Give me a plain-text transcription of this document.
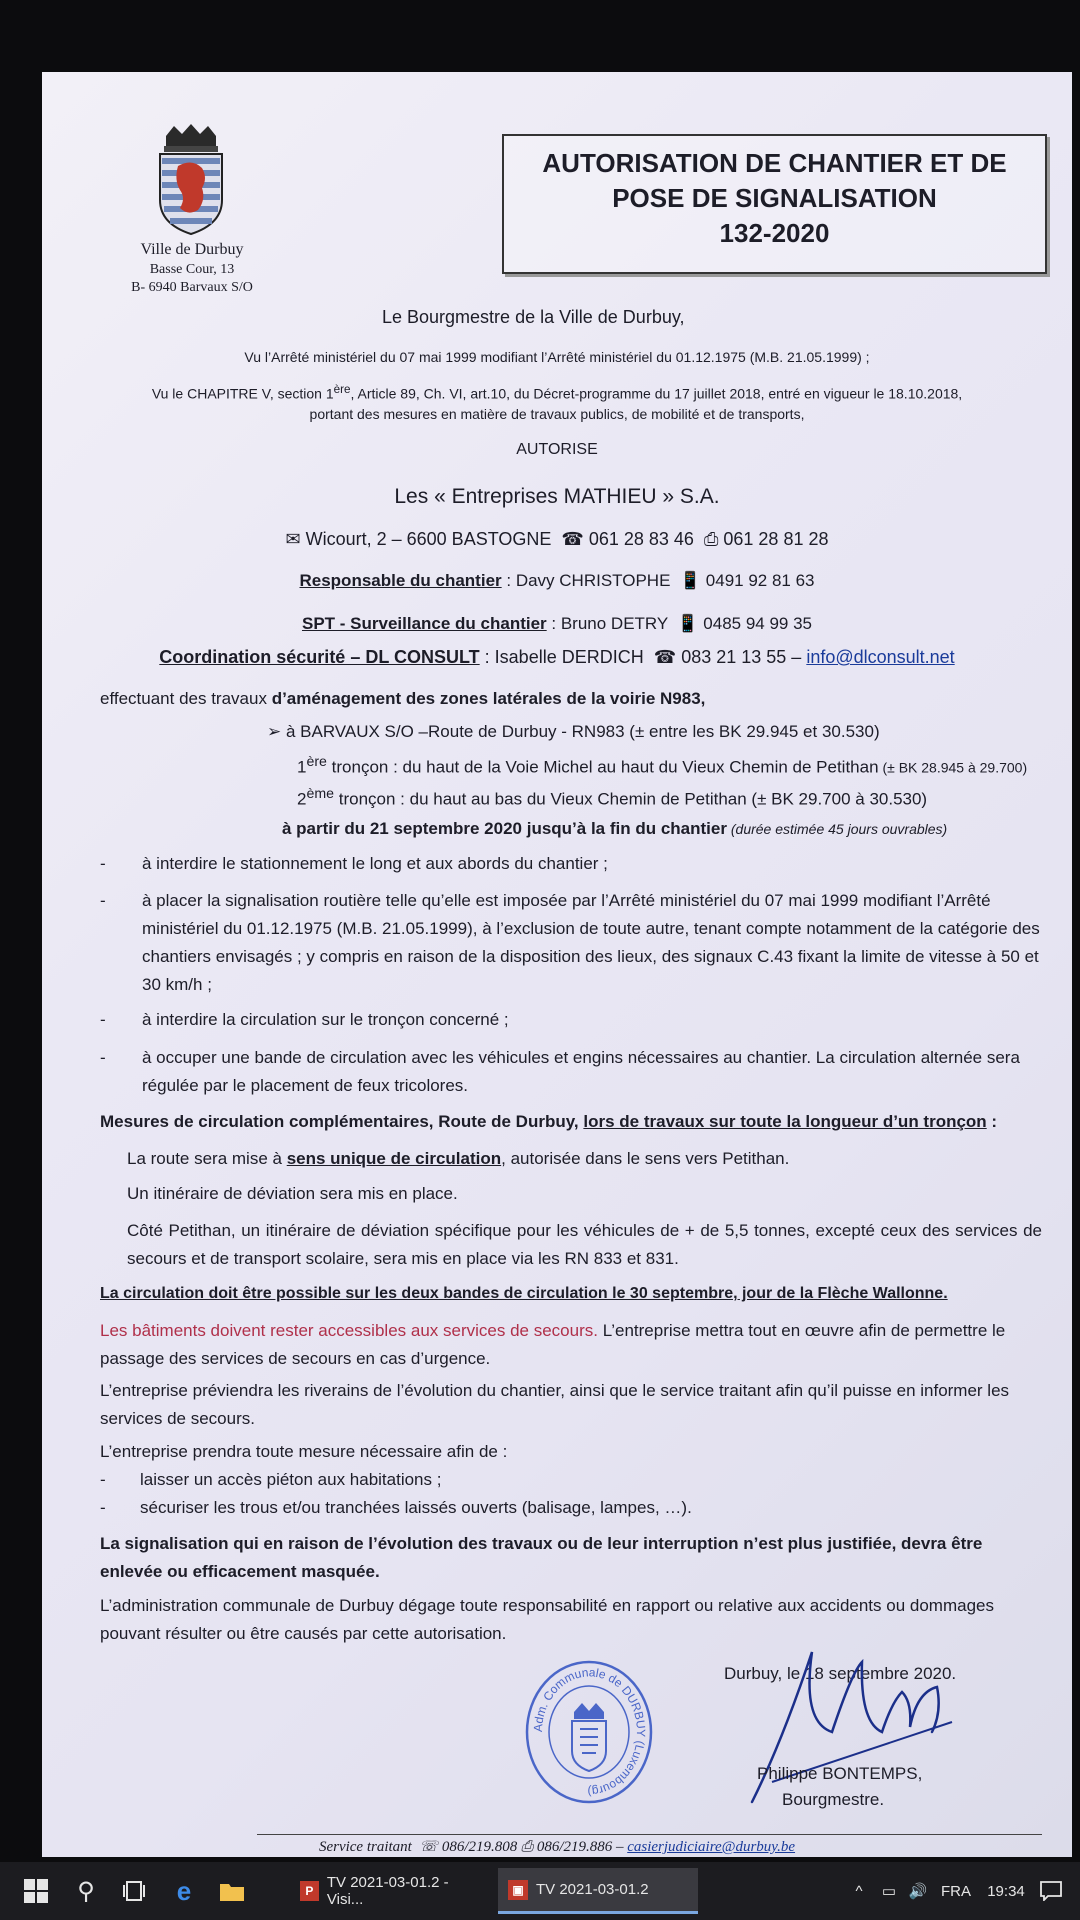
Ville de Durbuy
Basse Cour, 13
B- 6940 Barvaux S/O
AUTORISATION DE CHANTIER ET DE
POSE DE SIGNALISATION
132-2020
Le Bourgmestre de la Ville de Durbuy,
Vu l’Arrêté ministériel du 07 mai 1999 modifiant l’Arrêté ministériel du 01.12.1975 (M.B. 21.05.1999) ;
Vu le CHAPITRE V, section 1ère, Article 89, Ch. VI, art.10, du Décret-programme du 17 juillet 2018, entré en vigueur le 18.10.2018,
portant des mesures en matière de travaux publics, de mobilité et de transports,
AUTORISE
Les « Entreprises MATHIEU » S.A.
✉ Wicourt, 2 – 6600 BASTOGNE  ☎ 061 28 83 46  ⎙ 061 28 81 28
Responsable du chantier : Davy CHRISTOPHE  📱 0491 92 81 63
SPT - Surveillance du chantier : Bruno DETRY  📱 0485 94 99 35
Coordination sécurité – DL CONSULT : Isabelle DERDICH  ☎ 083 21 13 55 – info@dlconsult.net
effectuant des travaux d’aménagement des zones latérales de la voirie N983,
➢ à BARVAUX S/O –Route de Durbuy - RN983 (± entre les BK 29.945 et 30.530)
1ère tronçon : du haut de la Voie Michel au haut du Vieux Chemin de Petithan (± BK 28.945 à 29.700)
2ème tronçon : du haut au bas du Vieux Chemin de Petithan (± BK 29.700 à 30.530)
à partir du 21 septembre 2020 jusqu’à la fin du chantier (durée estimée 45 jours ouvrables)
- à interdire le stationnement le long et aux abords du chantier ;
- à placer la signalisation routière telle qu’elle est imposée par l’Arrêté ministériel du 07 mai 1999 modifiant l’Arrêté ministériel du 01.12.1975 (M.B. 21.05.1999), à l’exclusion de toute autre, tenant compte notamment de la catégorie des chantiers envisagés ; y compris en raison de la disposition des lieux, des signaux C.43 fixant la limite de vitesse à 50 et 30 km/h ;
- à interdire la circulation sur le tronçon concerné ;
- à occuper une bande de circulation avec les véhicules et engins nécessaires au chantier. La circulation alternée sera régulée par le placement de feux tricolores.
Mesures de circulation complémentaires, Route de Durbuy, lors de travaux sur toute la longueur d’un tronçon :
La route sera mise à sens unique de circulation, autorisée dans le sens vers Petithan.
Un itinéraire de déviation sera mis en place.
Côté Petithan, un itinéraire de déviation spécifique pour les véhicules de + de 5,5 tonnes, excepté ceux des services de secours et de transport scolaire, sera mis en place via les RN 833 et 831.
La circulation doit être possible sur les deux bandes de circulation le 30 septembre, jour de la Flèche Wallonne.
Les bâtiments doivent rester accessibles aux services de secours. L’entreprise mettra tout en œuvre afin de permettre le passage des services de secours en cas d’urgence.
L’entreprise préviendra les riverains de l’évolution du chantier, ainsi que le service traitant afin qu’il puisse en informer les services de secours.
L’entreprise prendra toute mesure nécessaire afin de :
- laisser un accès piéton aux habitations ;
- sécuriser les trous et/ou tranchées laissés ouverts (balisage, lampes, …).
La signalisation qui en raison de l’évolution des travaux ou de leur interruption n’est plus justifiée, devra être enlevée ou efficacement masquée.
L’administration communale de Durbuy dégage toute responsabilité en rapport ou relative aux accidents ou dommages pouvant résulter ou être causés par cette autorisation.
Durbuy, le 18 septembre 2020.
Adm. Communale de DURBUY (Luxembourg)
Philippe BONTEMPS,
Bourgmestre.
Service traitant  ☏ 086/219.808 ⎙ 086/219.886 – casierjudiciaire@durbuy.be
⚲	e	P TV 2021-03-01.2 - Visi...
▣ TV 2021-03-01.2	^	▭ 🔊 FRA	19:34
